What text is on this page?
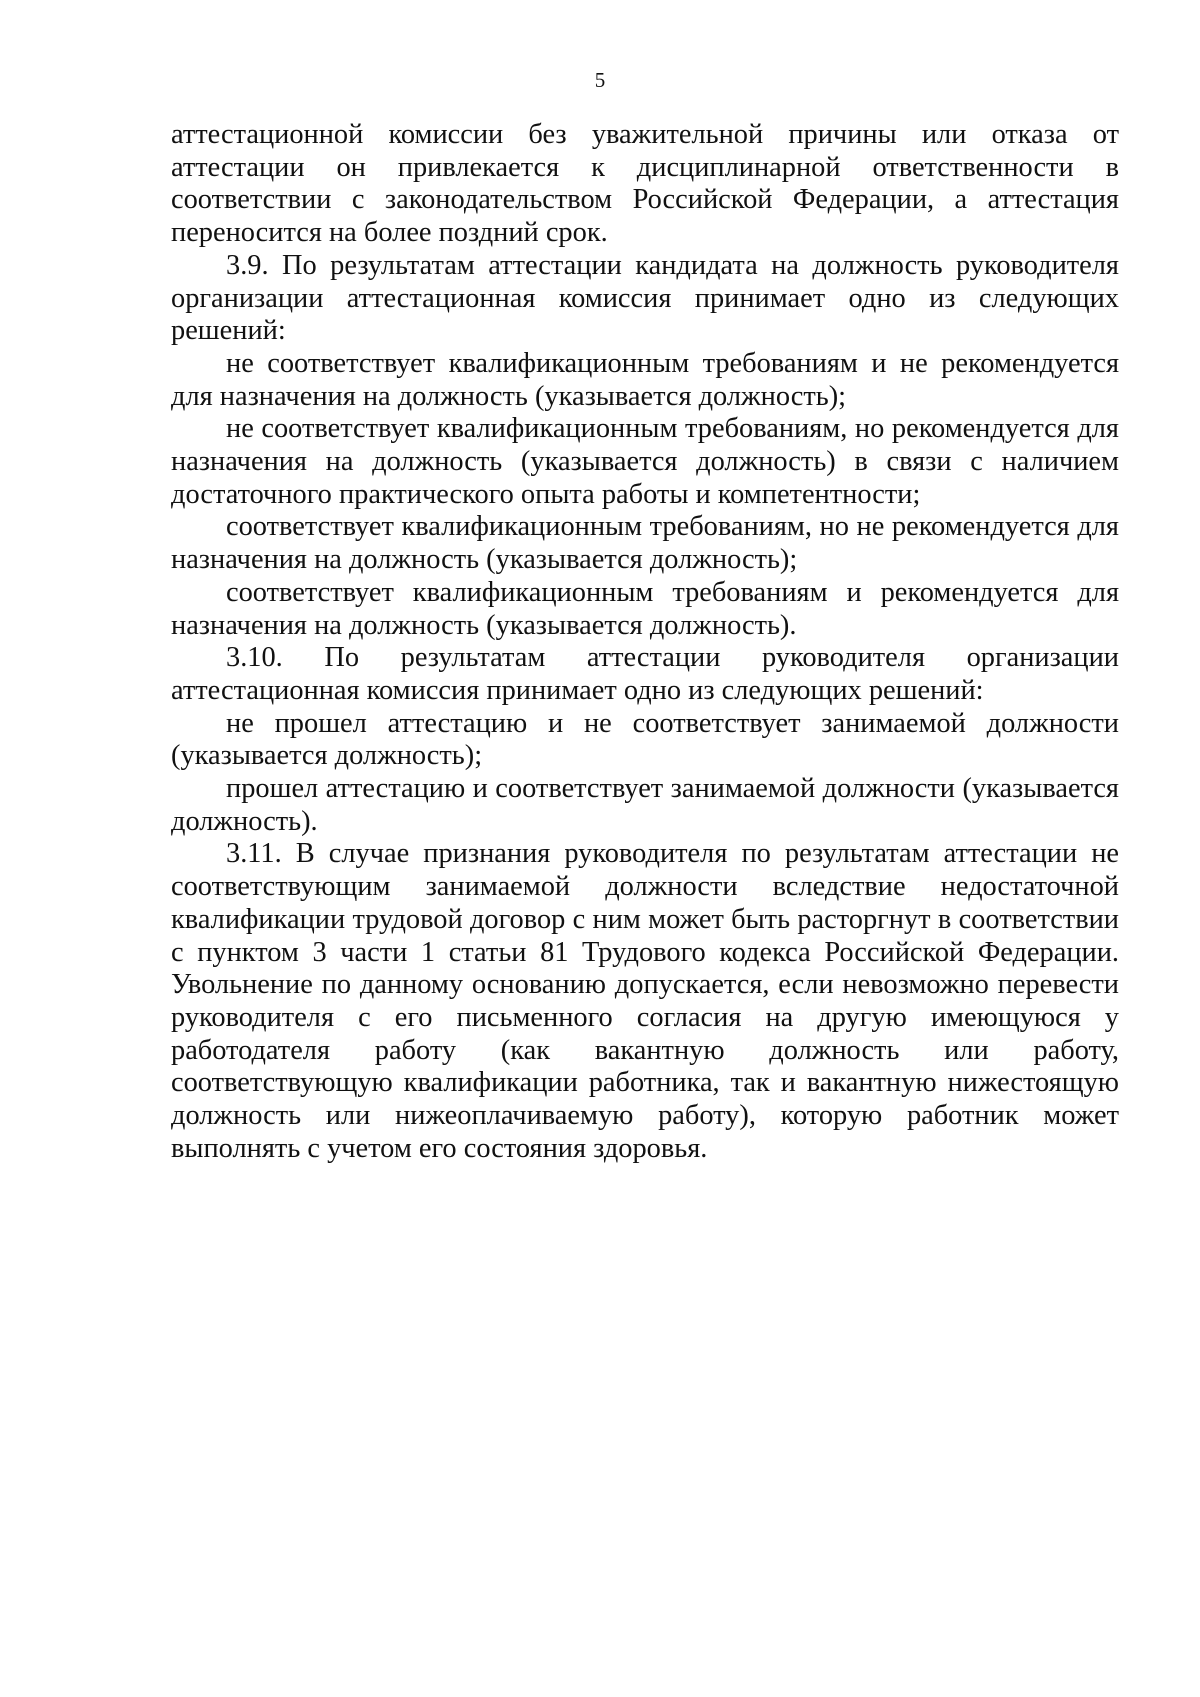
5

аттестационной комиссии без уважительной причины или отказа от аттестации он привлекается к дисциплинарной ответственности в соответствии с законодательством Российской Федерации, а аттестация переносится на более поздний срок.

3.9. По результатам аттестации кандидата на должность руководителя организации аттестационная комиссия принимает одно из следующих решений:

не соответствует квалификационным требованиям и не рекомендуется для назначения на должность (указывается должность);

не соответствует квалификационным требованиям, но рекомендуется для назначения на должность (указывается должность) в связи с наличием достаточного практического опыта работы и компетентности;

соответствует квалификационным требованиям, но не рекомендуется для назначения на должность (указывается должность);

соответствует квалификационным требованиям и рекомендуется для назначения на должность (указывается должность).

3.10. По результатам аттестации руководителя организации аттестационная комиссия принимает одно из следующих решений:

не прошел аттестацию и не соответствует занимаемой должности (указывается должность);

прошел аттестацию и соответствует занимаемой должности (указывается должность).

3.11. В случае признания руководителя по результатам аттестации не соответствующим занимаемой должности вследствие недостаточной квалификации трудовой договор с ним может быть расторгнут в соответствии с пунктом 3 части 1 статьи 81 Трудового кодекса Российской Федерации. Увольнение по данному основанию допускается, если невозможно перевести руководителя с его письменного согласия на другую имеющуюся у работодателя работу (как вакантную должность или работу, соответствующую квалификации работника, так и вакантную нижестоящую должность или нижеоплачиваемую работу), которую работник может выполнять с учетом его состояния здоровья.
